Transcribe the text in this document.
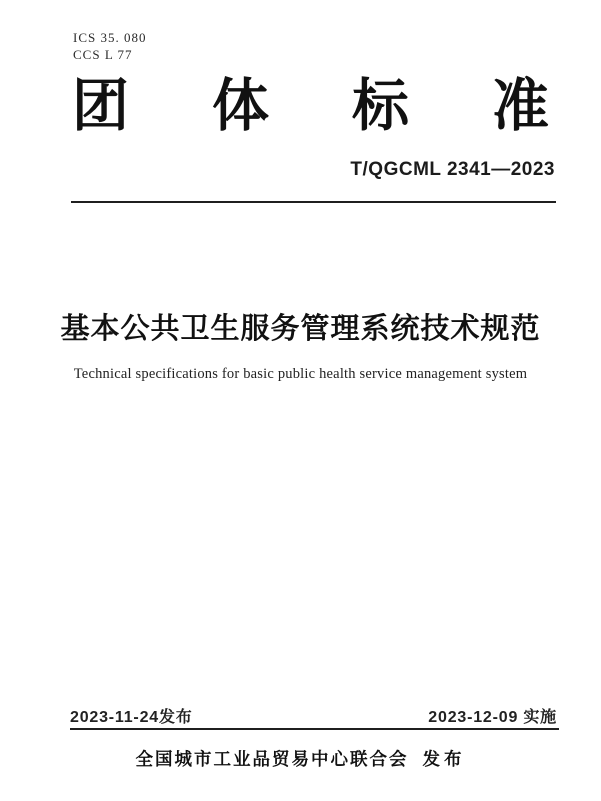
ICS 35. 080
CCS L 77
团 体 标 准
T/QGCML 2341—2023
基本公共卫生服务管理系统技术规范
Technical specifications for basic public health service management system
2023-11-24发布	2023-12-09 实施
全国城市工业品贸易中心联合会 发布
